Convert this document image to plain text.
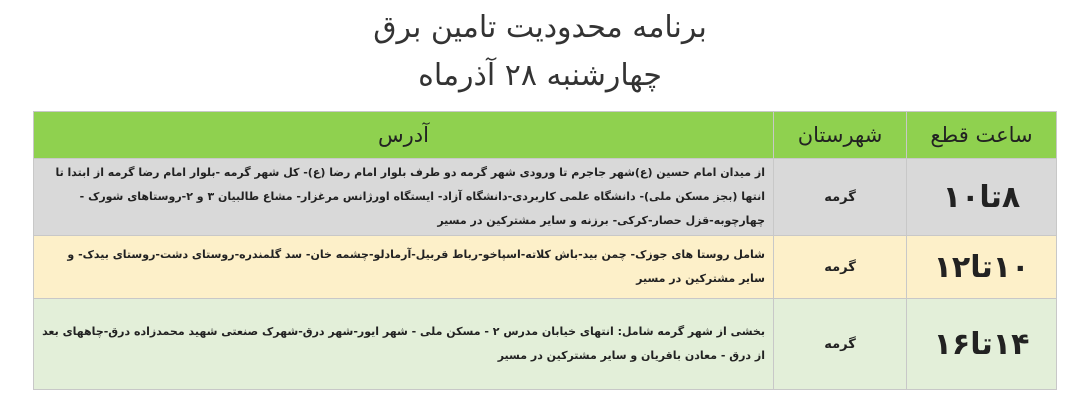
برنامه محدودیت تامین برق
چهارشنبه ۲۸ آذرماه
ساعت قطع	شهرستان	آدرس
۸تا۱۰	گرمه	از میدان امام حسین (ع)شهر جاجرم تا ورودی شهر گرمه دو طرف بلوار امام رضا (ع)- کل شهر گرمه -بلوار امام رضا گرمه از ابتدا تا انتها (بجز مسکن ملی)- دانشگاه علمی کاربردی-دانشگاه آزاد- ایستگاه اورژانس مرغزار- مشاع طالبیان ۳ و ۲-روستاهای شورک - چهارچوبه-قزل حصار-کرکی- برزنه و سایر مشترکین در مسیر
۱۰تا۱۲	گرمه	شامل روستا های جوزک- چمن بید-باش کلاته-اسپاخو-رباط قربیل-آرمادلو-چشمه خان- سد گلمندره-روستای دشت-روستای بیدک- و سایر مشترکین در مسیر
۱۴تا۱۶	گرمه	بخشی از شهر گرمه شامل: انتهای خیابان مدرس ۲ - مسکن ملی - شهر ایور-شهر درق-شهرک صنعتی شهید محمدزاده درق-چاههای بعد از درق - معادن باقریان و سایر مشترکین در مسیر
